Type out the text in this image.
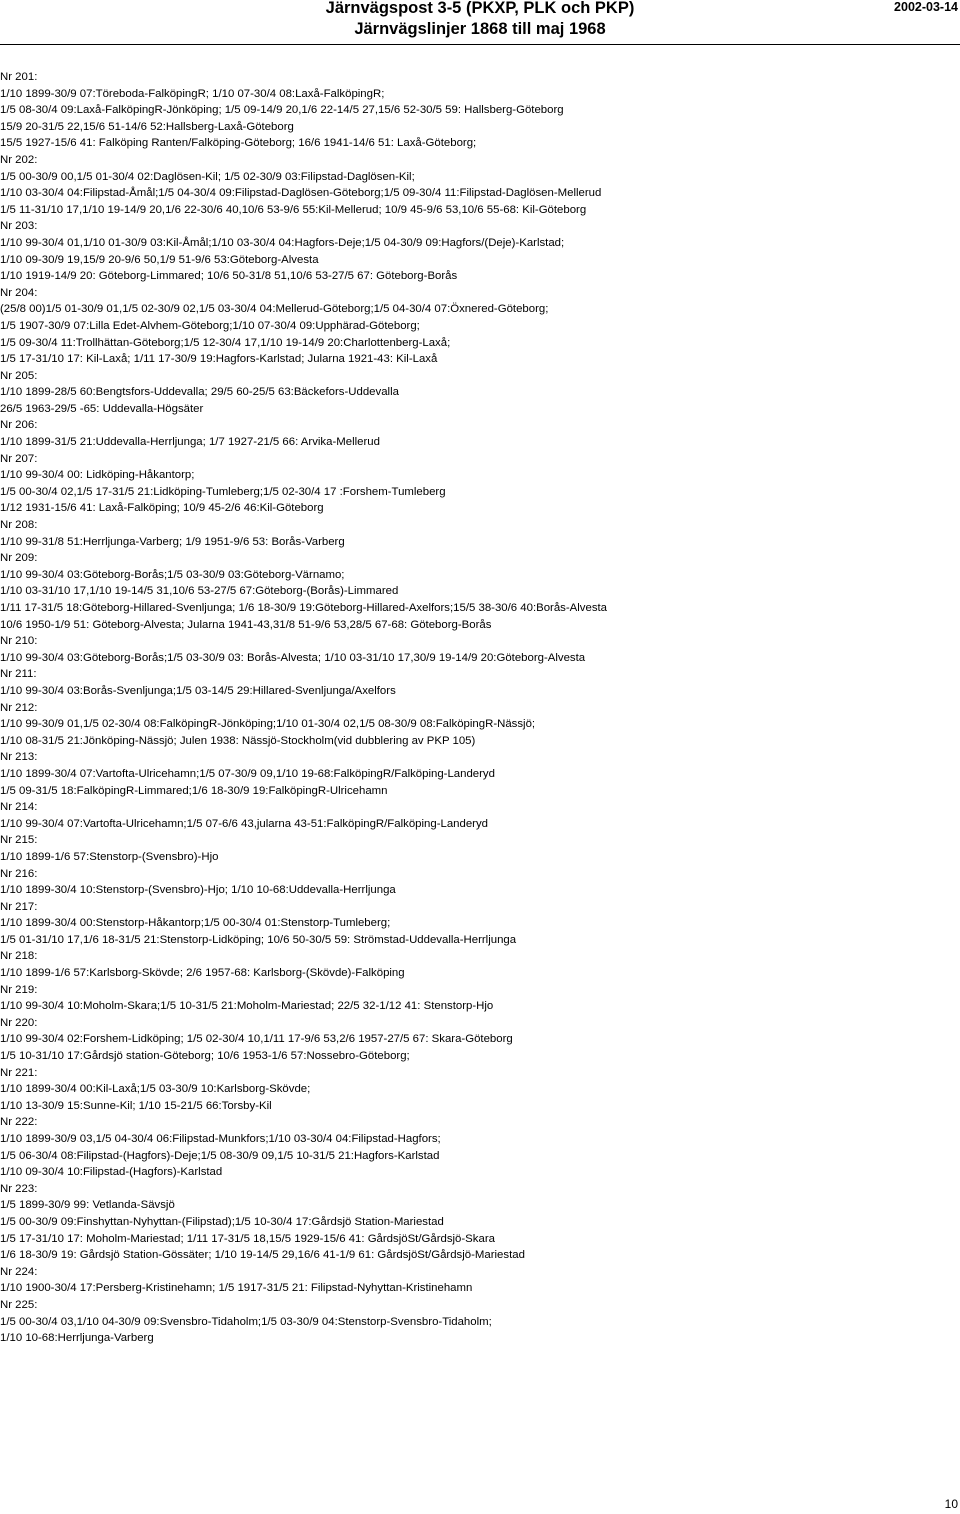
Järnvägspost 3-5 (PKXP, PLK och PKP)
Järnvägslinjer 1868 till maj 1968
2002-03-14
Nr 201:
1/10 1899-30/9 07:Töreboda-FalköpingR; 1/10 07-30/4 08:Laxå-FalköpingR;
1/5 08-30/4 09:Laxå-FalköpingR-Jönköping; 1/5 09-14/9 20,1/6 22-14/5 27,15/6 52-30/5 59: Hallsberg-Göteborg
15/9 20-31/5 22,15/6 51-14/6 52:Hallsberg-Laxå-Göteborg
15/5 1927-15/6 41: Falköping Ranten/Falköping-Göteborg; 16/6 1941-14/6 51: Laxå-Göteborg;
Nr 202:
1/5 00-30/9 00,1/5 01-30/4 02:Daglösen-Kil; 1/5 02-30/9 03:Filipstad-Daglösen-Kil;
1/10 03-30/4 04:Filipstad-Åmål;1/5 04-30/4 09:Filipstad-Daglösen-Göteborg;1/5 09-30/4 11:Filipstad-Daglösen-Mellerud
1/5 11-31/10 17,1/10 19-14/9 20,1/6 22-30/6 40,10/6 53-9/6 55:Kil-Mellerud; 10/9 45-9/6 53,10/6 55-68: Kil-Göteborg
Nr 203:
1/10 99-30/4 01,1/10 01-30/9 03:Kil-Åmål;1/10 03-30/4 04:Hagfors-Deje;1/5 04-30/9 09:Hagfors/(Deje)-Karlstad;
1/10 09-30/9 19,15/9 20-9/6 50,1/9 51-9/6 53:Göteborg-Alvesta
1/10 1919-14/9 20: Göteborg-Limmared; 10/6 50-31/8 51,10/6 53-27/5 67: Göteborg-Borås
Nr 204:
(25/8 00)1/5 01-30/9 01,1/5 02-30/9 02,1/5 03-30/4 04:Mellerud-Göteborg;1/5 04-30/4 07:Öxnered-Göteborg;
1/5 1907-30/9 07:Lilla Edet-Alvhem-Göteborg;1/10 07-30/4 09:Upphärad-Göteborg;
1/5 09-30/4 11:Trollhättan-Göteborg;1/5 12-30/4 17,1/10 19-14/9 20:Charlottenberg-Laxå;
1/5 17-31/10 17: Kil-Laxå; 1/11 17-30/9 19:Hagfors-Karlstad; Jularna 1921-43: Kil-Laxå
Nr 205:
1/10 1899-28/5 60:Bengtsfors-Uddevalla; 29/5 60-25/5 63:Bäckefors-Uddevalla
26/5 1963-29/5 -65: Uddevalla-Högsäter
Nr 206:
1/10 1899-31/5 21:Uddevalla-Herrljunga; 1/7 1927-21/5 66: Arvika-Mellerud
Nr 207:
1/10 99-30/4 00: Lidköping-Håkantorp;
1/5 00-30/4 02,1/5 17-31/5 21:Lidköping-Tumleberg;1/5 02-30/4 17 :Forshem-Tumleberg
1/12 1931-15/6 41: Laxå-Falköping; 10/9 45-2/6 46:Kil-Göteborg
Nr 208:
1/10 99-31/8 51:Herrljunga-Varberg; 1/9 1951-9/6 53: Borås-Varberg
Nr 209:
1/10 99-30/4 03:Göteborg-Borås;1/5 03-30/9 03:Göteborg-Värnamo;
1/10 03-31/10 17,1/10 19-14/5 31,10/6 53-27/5 67:Göteborg-(Borås)-Limmared
1/11 17-31/5 18:Göteborg-Hillared-Svenljunga; 1/6 18-30/9 19:Göteborg-Hillared-Axelfors;15/5 38-30/6 40:Borås-Alvesta
10/6 1950-1/9 51: Göteborg-Alvesta; Jularna 1941-43,31/8 51-9/6 53,28/5 67-68: Göteborg-Borås
Nr 210:
1/10 99-30/4 03:Göteborg-Borås;1/5 03-30/9 03: Borås-Alvesta; 1/10 03-31/10 17,30/9 19-14/9 20:Göteborg-Alvesta
Nr 211:
1/10 99-30/4 03:Borås-Svenljunga;1/5 03-14/5 29:Hillared-Svenljunga/Axelfors
Nr 212:
1/10 99-30/9 01,1/5 02-30/4 08:FalköpingR-Jönköping;1/10 01-30/4 02,1/5 08-30/9 08:FalköpingR-Nässjö;
1/10 08-31/5 21:Jönköping-Nässjö; Julen 1938: Nässjö-Stockholm(vid dubblering av PKP 105)
Nr 213:
1/10 1899-30/4 07:Vartofta-Ulricehamn;1/5 07-30/9 09,1/10 19-68:FalköpingR/Falköping-Landeryd
1/5 09-31/5 18:FalköpingR-Limmared;1/6 18-30/9 19:FalköpingR-Ulricehamn
Nr 214:
1/10 99-30/4 07:Vartofta-Ulricehamn;1/5 07-6/6 43,jularna 43-51:FalköpingR/Falköping-Landeryd
Nr 215:
1/10 1899-1/6 57:Stenstorp-(Svensbro)-Hjo
Nr 216:
1/10 1899-30/4 10:Stenstorp-(Svensbro)-Hjo; 1/10 10-68:Uddevalla-Herrljunga
Nr 217:
1/10 1899-30/4 00:Stenstorp-Håkantorp;1/5 00-30/4 01:Stenstorp-Tumleberg;
1/5 01-31/10 17,1/6 18-31/5 21:Stenstorp-Lidköping; 10/6 50-30/5 59: Strömstad-Uddevalla-Herrljunga
Nr 218:
1/10 1899-1/6 57:Karlsborg-Skövde; 2/6 1957-68: Karlsborg-(Skövde)-Falköping
Nr 219:
1/10 99-30/4 10:Moholm-Skara;1/5 10-31/5 21:Moholm-Mariestad; 22/5 32-1/12 41: Stenstorp-Hjo
Nr 220:
1/10 99-30/4 02:Forshem-Lidköping; 1/5 02-30/4 10,1/11 17-9/6 53,2/6 1957-27/5 67: Skara-Göteborg
1/5 10-31/10 17:Gårdsjö station-Göteborg; 10/6 1953-1/6 57:Nossebro-Göteborg;
Nr 221:
1/10 1899-30/4 00:Kil-Laxå;1/5 03-30/9 10:Karlsborg-Skövde;
1/10 13-30/9 15:Sunne-Kil; 1/10 15-21/5 66:Torsby-Kil
Nr 222:
1/10 1899-30/9 03,1/5 04-30/4 06:Filipstad-Munkfors;1/10 03-30/4 04:Filipstad-Hagfors;
1/5 06-30/4 08:Filipstad-(Hagfors)-Deje;1/5 08-30/9 09,1/5 10-31/5 21:Hagfors-Karlstad
1/10 09-30/4 10:Filipstad-(Hagfors)-Karlstad
Nr 223:
1/5 1899-30/9 99: Vetlanda-Sävsjö
1/5 00-30/9 09:Finshyttan-Nyhyttan-(Filipstad);1/5 10-30/4 17:Gårdsjö Station-Mariestad
1/5 17-31/10 17: Moholm-Mariestad; 1/11 17-31/5 18,15/5 1929-15/6 41: GårdsjöSt/Gårdsjö-Skara
1/6 18-30/9 19: Gårdsjö Station-Gössäter; 1/10 19-14/5 29,16/6 41-1/9 61: GårdsjöSt/Gårdsjö-Mariestad
Nr 224:
1/10 1900-30/4 17:Persberg-Kristinehamn; 1/5 1917-31/5 21: Filipstad-Nyhyttan-Kristinehamn
Nr 225:
1/5 00-30/4 03,1/10 04-30/9 09:Svensbro-Tidaholm;1/5 03-30/9 04:Stenstorp-Svensbro-Tidaholm;
1/10 10-68:Herrljunga-Varberg
10
